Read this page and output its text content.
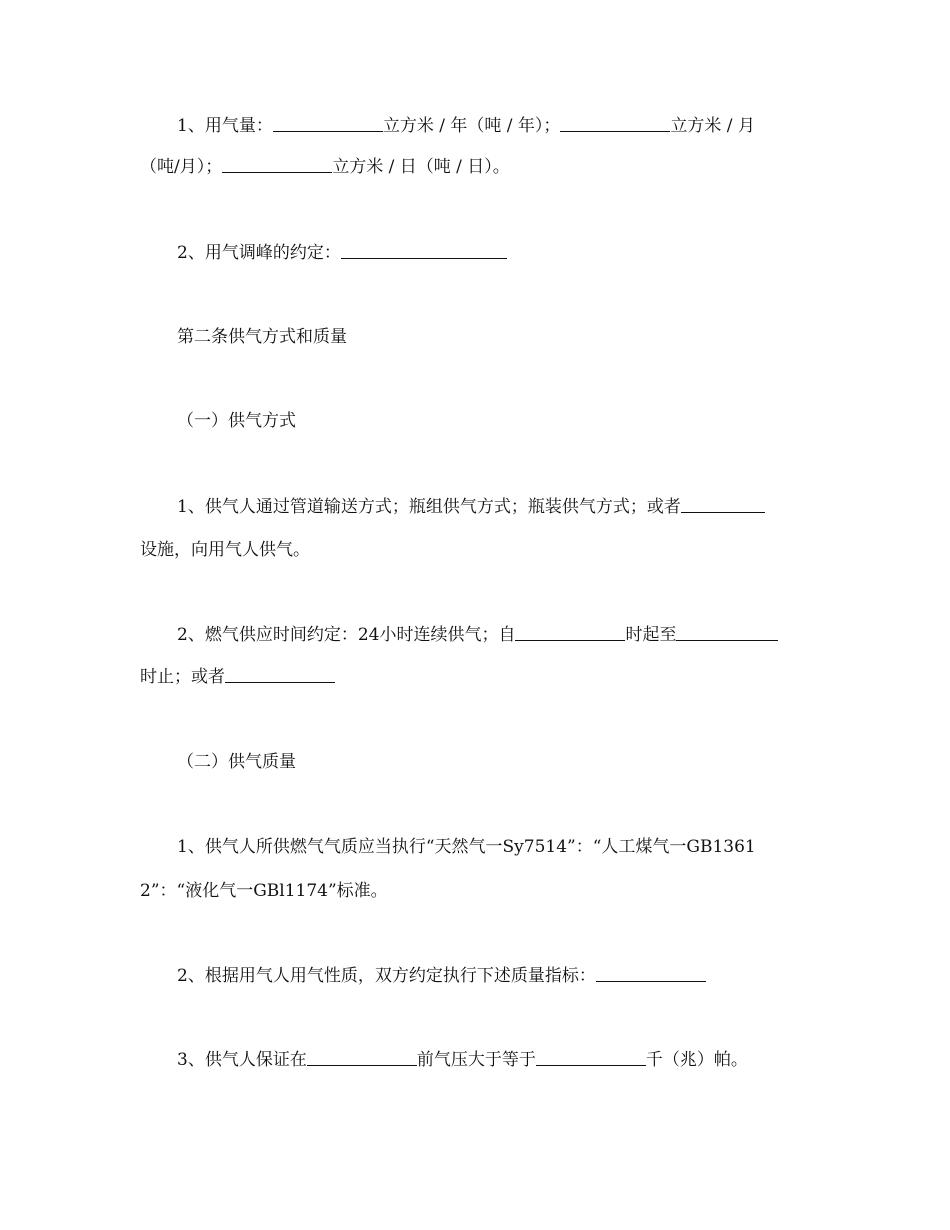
1、用气量：	立方米 / 年（吨 / 年）；	立方米 / 月
（吨/月）；	立方米 / 日（吨 / 日）。
2、用气调峰的约定：
第二条供气方式和质量
（一）供气方式
1、供气人通过管道输送方式；瓶组供气方式；瓶装供气方式；或者
设施，向用气人供气。
2、燃气供应时间约定：24小时连续供气；自	时起至
时止；或者
（二）供气质量
1、供气人所供燃气气质应当执行“天然气一Sy7514”：“人工煤气一GB1361
2”：“液化气一GBl1174”标准。
2、根据用气人用气性质，双方约定执行下述质量指标：
3、供气人保证在	前气压大于等于	千（兆）帕。
